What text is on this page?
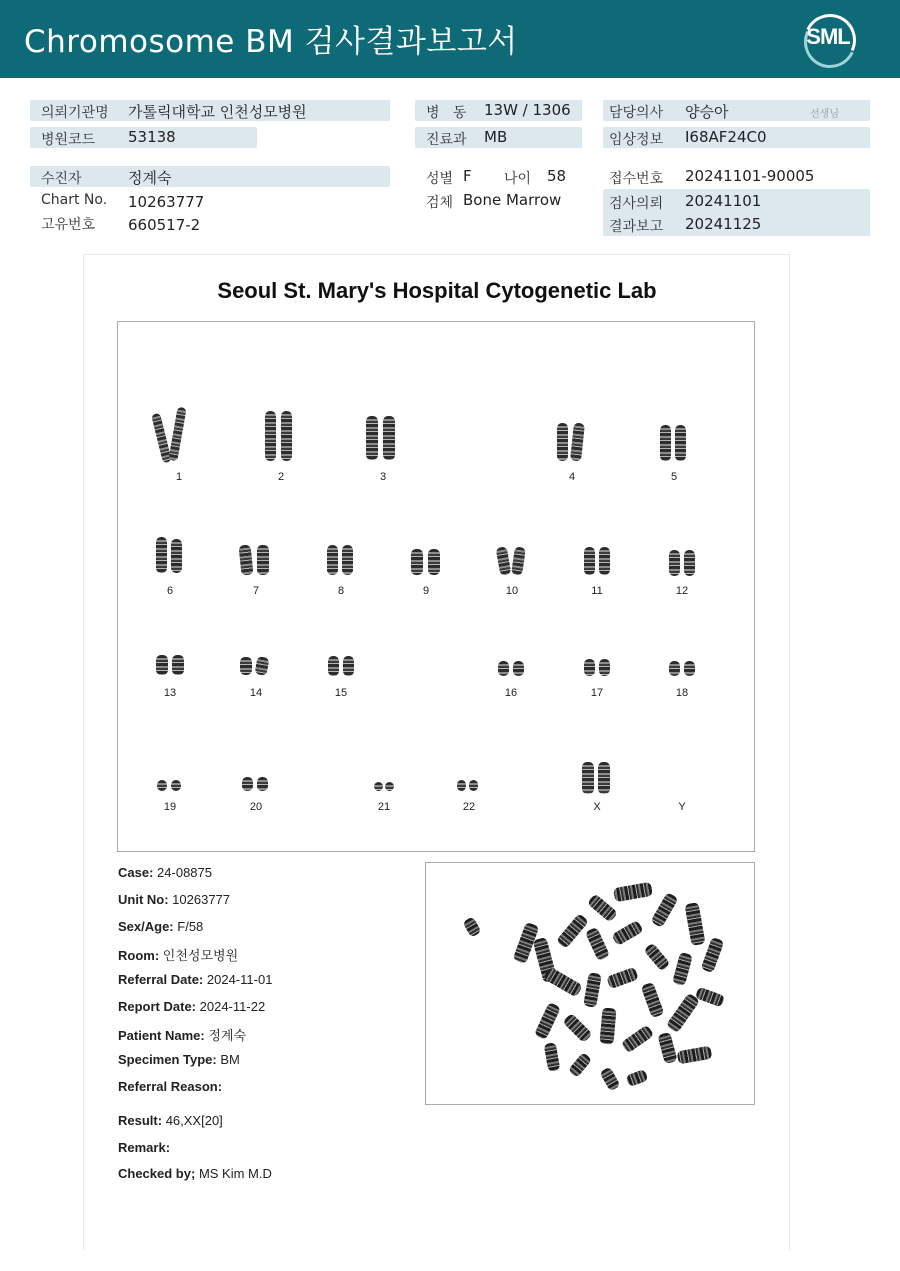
Chromosome BM 검사결과보고서	SML
의뢰기관명 가톨릭대학교 인천성모병원
병원코드 53138
병   동 13W / 1306
진료과 MB
담당의사 양승아	선생님
임상정보 I68AF24C0
수진자	정계숙
Chart No. 10263777
고유번호 660517-2
성별 F 나이 58
검체 Bone Marrow
접수번호 20241101-90005
검사의뢰 20241101
결과보고 20241125
Seoul St. Mary's Hospital Cytogenetic Lab
1	2	3	4	5
6	7	8	9	10	11	12
13	14	15	16	17	18
19	20	21	22	X	Y
Case: 24-08875
Unit No: 10263777
Sex/Age: F/58
Room: 인천성모병원
Referral Date: 2024-11-01
Report Date: 2024-11-22
Patient Name: 정계숙
Specimen Type: BM
Referral Reason:
Result: 46,XX[20]
Remark:
Checked by; MS Kim M.D
